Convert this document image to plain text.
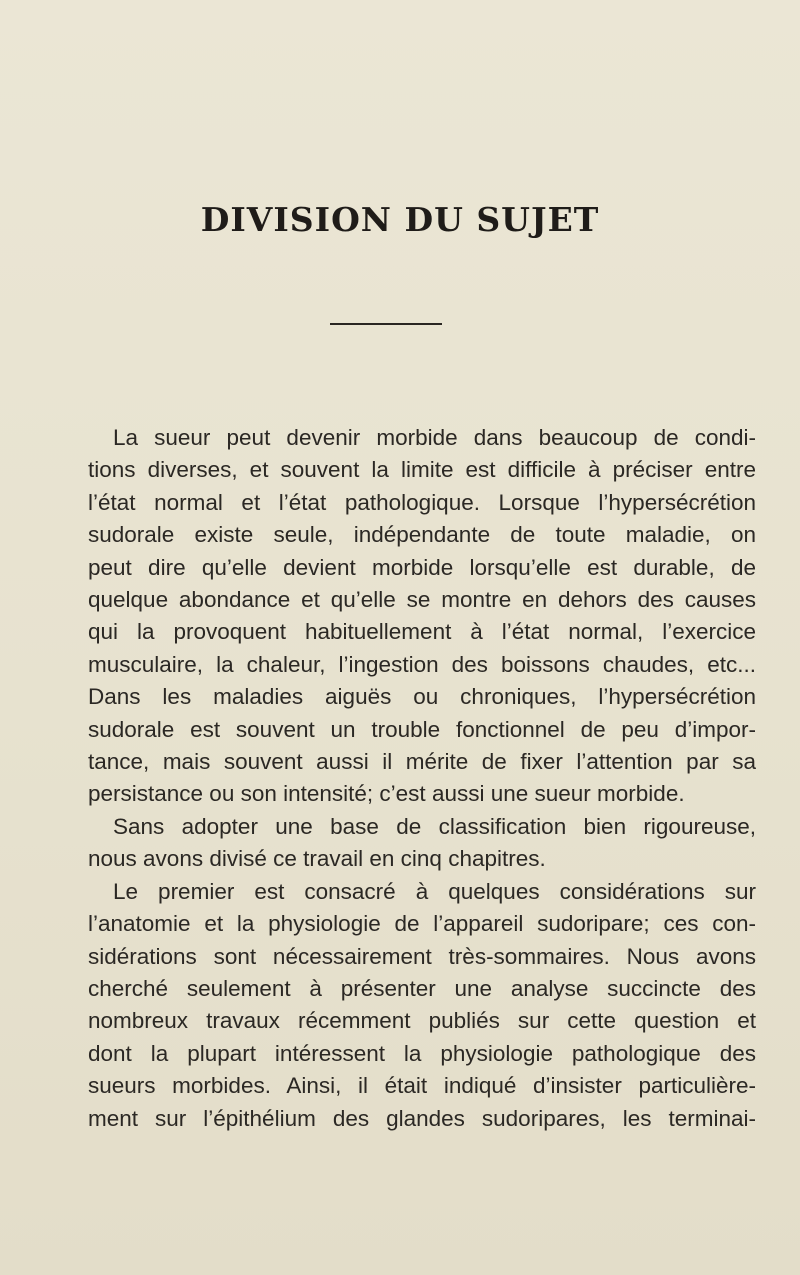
DIVISION DU SUJET
La sueur peut devenir morbide dans beaucoup de condi-
tions diverses, et souvent la limite est difficile à préciser entre
l’état normal et l’état pathologique. Lorsque l’hypersécrétion
sudorale existe seule, indépendante de toute maladie, on
peut dire qu’elle devient morbide lorsqu’elle est durable, de
quelque abondance et qu’elle se montre en dehors des causes
qui la provoquent habituellement à l’état normal, l’exercice
musculaire, la chaleur, l’ingestion des boissons chaudes, etc...
Dans les maladies aiguës ou chroniques, l’hypersécrétion
sudorale est souvent un trouble fonctionnel de peu d’impor-
tance, mais souvent aussi il mérite de fixer l’attention par sa
persistance ou son intensité; c’est aussi une sueur morbide.
Sans adopter une base de classification bien rigoureuse,
nous avons divisé ce travail en cinq chapitres.
Le premier est consacré à quelques considérations sur
l’anatomie et la physiologie de l’appareil sudoripare; ces con-
sidérations sont nécessairement très-sommaires. Nous avons
cherché seulement à présenter une analyse succincte des
nombreux travaux récemment publiés sur cette question et
dont la plupart intéressent la physiologie pathologique des
sueurs morbides. Ainsi, il était indiqué d’insister particulière-
ment sur l’épithélium des glandes sudoripares, les terminai-
